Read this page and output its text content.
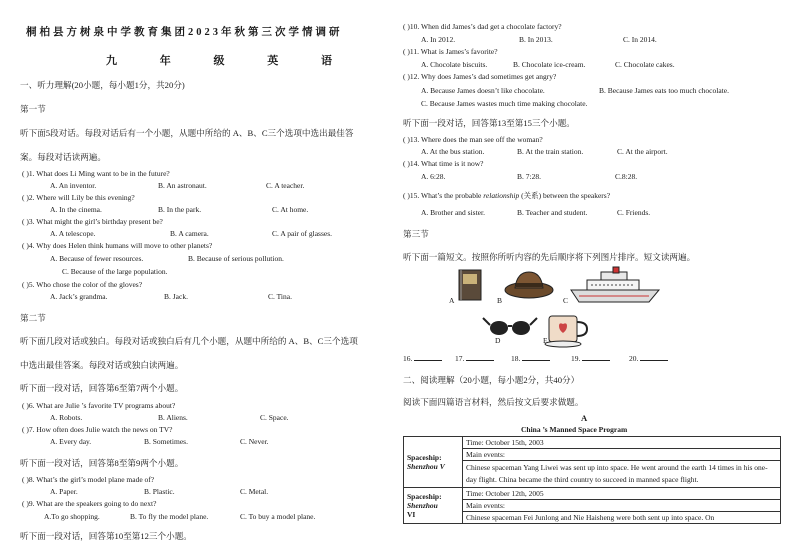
桐柏县方树泉中学教育集团2023年秋第三次学情调研
九 年 级 英 语
一、听力理解(20小题，每小题1分，共20分)
第一节
听下面5段对话。每段对话后有一个小题，从题中所给的 A、B、C三个选项中选出最佳答
案。每段对话读两遍。
( )1. What does Li Ming want to be in the future?
A. An inventor.	B. An astronaut.	C. A teacher.
( )2. Where will Lily be this evening?
A. In the cinema.	B. In the park.	C. At home.
( )3. What might the girl’s birthday present be?
A. A telescope.	B. A camera.	C. A pair of glasses.
( )4. Why does Helen think humans will move to other planets?
A. Because of fewer resources.	B. Because of serious pollution.
C. Because of the large population.
( )5. Who chose the color of the gloves?
A. Jack’s grandma.	B. Jack.	C. Tina.
第二节
听下面几段对话或独白。每段对话或独白后有几个小题，从题中所给的 A、B、C三个选项
中选出最佳答案。每段对话或独白读两遍。
听下面一段对话，回答第6至第7两个小题。
( )6. What are Julie ’s favorite TV programs about?
A. Robots.	B. Aliens.	C. Space.
( )7. How often does Julie watch the news on TV?
A. Every day.	B. Sometimes.	C. Never.
听下面一段对话，回答第8至第9两个小题。
( )8. What’s the girl’s model plane made of?
A. Paper.	B. Plastic.	C. Metal.
( )9. What are the speakers going to do next?
A.To go shopping.	B. To fly the model plane.	C. To buy a model plane.
听下面一段对话，回答第10至第12三个小题。
( )10. When did James’s dad get a chocolate factory?
A. In 2012.	B. In 2013.	C. In 2014.
( )11. What is James’s favorite?
A. Chocolate biscuits.	B. Chocolate ice-cream.	C. Chocolate cakes.
( )12. Why does James’s dad sometimes get angry?
A. Because James doesn’t like chocolate.	B. Because James eats too much chocolate.
C. Because James wastes much time making chocolate.
听下面一段对话，回答第13至第15三个小题。
( )13. Where does the man see off the woman?
A. At the bus station.	B. At the train station.	C. At the airport.
( )14. What time is it now?
A. 6:28.	B. 7:28.	C.8:28.
( )15. What’s the probable relationship (关系) between the speakers?
A. Brother and sister.	B. Teacher and student.	C. Friends.
第三节
听下面一篇短文。按照你所听内容的先后顺序将下列图片排序。短文读两遍。
A	B	C
D	E
16.	17.	18.	19.	20.
二、阅读理解（20小题，每小题2分，共40分）
阅读下面四篇语言材料，然后按文后要求做题。
A
China ’s Manned Space Program
Spaceship:
Shenzhou V	Time: October 15th, 2003
	Main events:
	Chinese spaceman Yang Liwei was sent up into space. He went around the earth 14 times in his one-day flight. China became the third country to succeed in manned space flight.

Spaceship:
Shenzhou
VI	Time: October 12th, 2005
	Main events:
	Chinese spaceman Fei Junlong and Nie Haisheng were both sent up into space. On
